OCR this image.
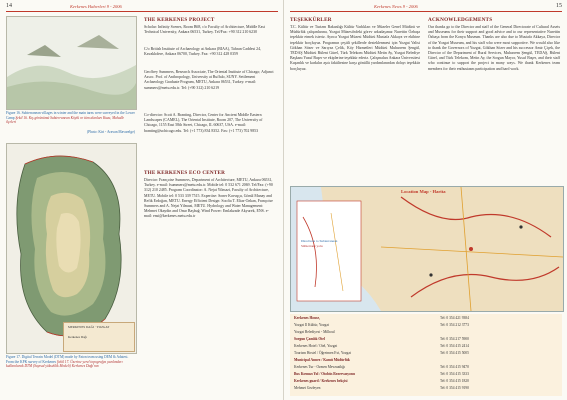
14	Kerkenes Haberleri 9 - 2006

Figure 16. Subterranean villages in winter and the main tarns were surveyed in the Lower Camp Şekil 16. Kış görünümü Subterranean Köylü ve tüm alanları Kuzu, Mahalle ilçeleri

(Photo: Kiri - Aravan Mavarelge)

MERKENES DAĞI · YOZGAT
Kerkenes Dağı

Figure 17. Digital Terrain Model (DTM) made by Faton team using DEM & Adatest. From the KPK survey of Kerkenes Şekil 17. Üzerine yerel topografya yazılımları kullanılarak DTM (Sayısal yükseklik Modeli) Kerkenes Dağı'nın

THE KERKENES PROJECT

Scholar: Infinity Scenes, Room B68, c/o Faculty of Architecture, Middle East Technical University, Ankara 06531, Turkey. Tel/Fax: +90 312 210 6230

C/o British Institute of Archaeology at Ankara (BIAA), Tahran Caddesi 24, Kavaklıdere, Ankara 06700, Turkey. Fax: +90 312 428 0359

Geoffrey Summers, Research Associate, The Oriental Institute of Chicago; Adjunct Assoc. Prof. of Anthropology, University at Buffalo, SUNY. Settlement Archaeology Graduate Program, METU, Ankara 06531, Turkey. e-mail: summers@metu.edu.tr. Tel: (+90 312) 210 6219

Co-director: Scott A. Branting, Director, Center for Ancient Middle Eastern Landscapes (CAMEL), The Oriental Institute, Room 207, The University of Chicago, 1155 East 58th Street, Chicago, IL 60637, USA. e-mail: branting@uchicago.edu. Tel: (+1 773) 834 8352. Fax: (+1 773) 702 9853

THE KERKENES ECO CENTER

Director: Françoise Summers, Department of Architecture, METU, Ankara 06531, Turkey. e-mail: fsummers@metu.edu.tr. Mobile tel: 0 532 671 2069. Tel/Fax: (+90 312) 210 2485. Program Coordinator: A. Nejat Yilmazi, Faculty of Architecture, METU. Mobile tel: 0 533 339 7515. Expertise: Soner Kavuşçu, Gönül Manay and Refik Erdoğan, METU. Energy Efficient Design: Soofia T. Elias-Ozkan, Françoise Summers and A. Nejat Yilmazi, METU. Hydrology and Water Management: Mehmet Okaydin and Onur Başbuğ. Wind Power: Emlakzade Akyurek, ENS. e-mail: ensi@kerkenes.metu.edu.tr

Kerkenes News 9 - 2006	15
TEŞEKKÜRLER

T.C. Kültür ve Turizm Bakanlığı Kültür Varlıkları ve Müzeler Genel Müdürü ve Müdürlük çalışanlarına, Yozgat Müzesi'ndeki görev arkadaşımız Nurettin Özbaşa teşekkür etmek isteriz. Ayrıca Yozgat Müzesi Müdürü Mustafa Akkaya ve ekibine teşekkür borçluyuz. Programın çeşitli şekillerde desteklenmesi için Yozgat Valisi Gökhan Sözer ve Sarıyaz Çelik, Köy Hizmetleri Müdürü Muharrem Şengül, TEDAŞ Müdürü Bülent Gürel, Türk Telekom Müdürü Metin Ay, Yozgat Belediye Başkanı Yusuf Başer ve ekiplerine teşekkür ederiz. Çalışmaları Ankara Üniversitesi Kuşanlık ve karkılın aşıtı fakültesine karşı gönüllü yardımlarından dolayı teşekkür borçluyuz.

ACKNOWLEDGEMENTS

Our thanks go to the Director and staff of the General Directorate of Cultural Assets and Museums for their support and good advice and to our representative Nurettin Özbaşa from the Konya Museum. Thanks are also due to Mustafa Akkaya, Director of the Yozgat Museum, and his staff who were most supportive. We would also like to thank the Governors of Yozgat, Gökhan Sözer and his successor Amir Çiçek, the Director of the Department of Rural Services, Muharrem Şengül, TEDAŞ, Bülent Gürel, and Türk Telekom, Metin Ay, the Sorgun Mayor, Yusuf Başer, and their staff who continue to support the project in many ways. We thank Kerkenes team members for their enthusiasm participation and hard work.

Location Map - Harita
Directions to Subterranean
Sübterrane yolu
Kerkenes House,	Tel: 0 354 421 9384
Yozgat Il Kültür, Yozgat	Tel: 0 354 212 3773
Yozgat Belediyesi - Milhoul
Sorgun Çamlık Otel	Tel: 0 354 217 5900
Kerkenes Hotel / Otel, Yozgat	Tel: 0 354 415 2414
Tourism Hostel / Öğretmen Evi, Yozgat	Tel: 0 354 415 5005
Municipal Annex / Kamü Müdürlük
Kerkenes Tur - Ozmen Mevzuatlığı	Tel: 0 354 415 9470
Bus Kırmızı Yol / Otobüs Rezervasyonu	Tel: 0 354 415 3333
Kerkenes guard / Kerkenes bekçisi	Tel: 0 354 415 1820
Mehmet Gezleyen	Tel: 0 354 415 9190
